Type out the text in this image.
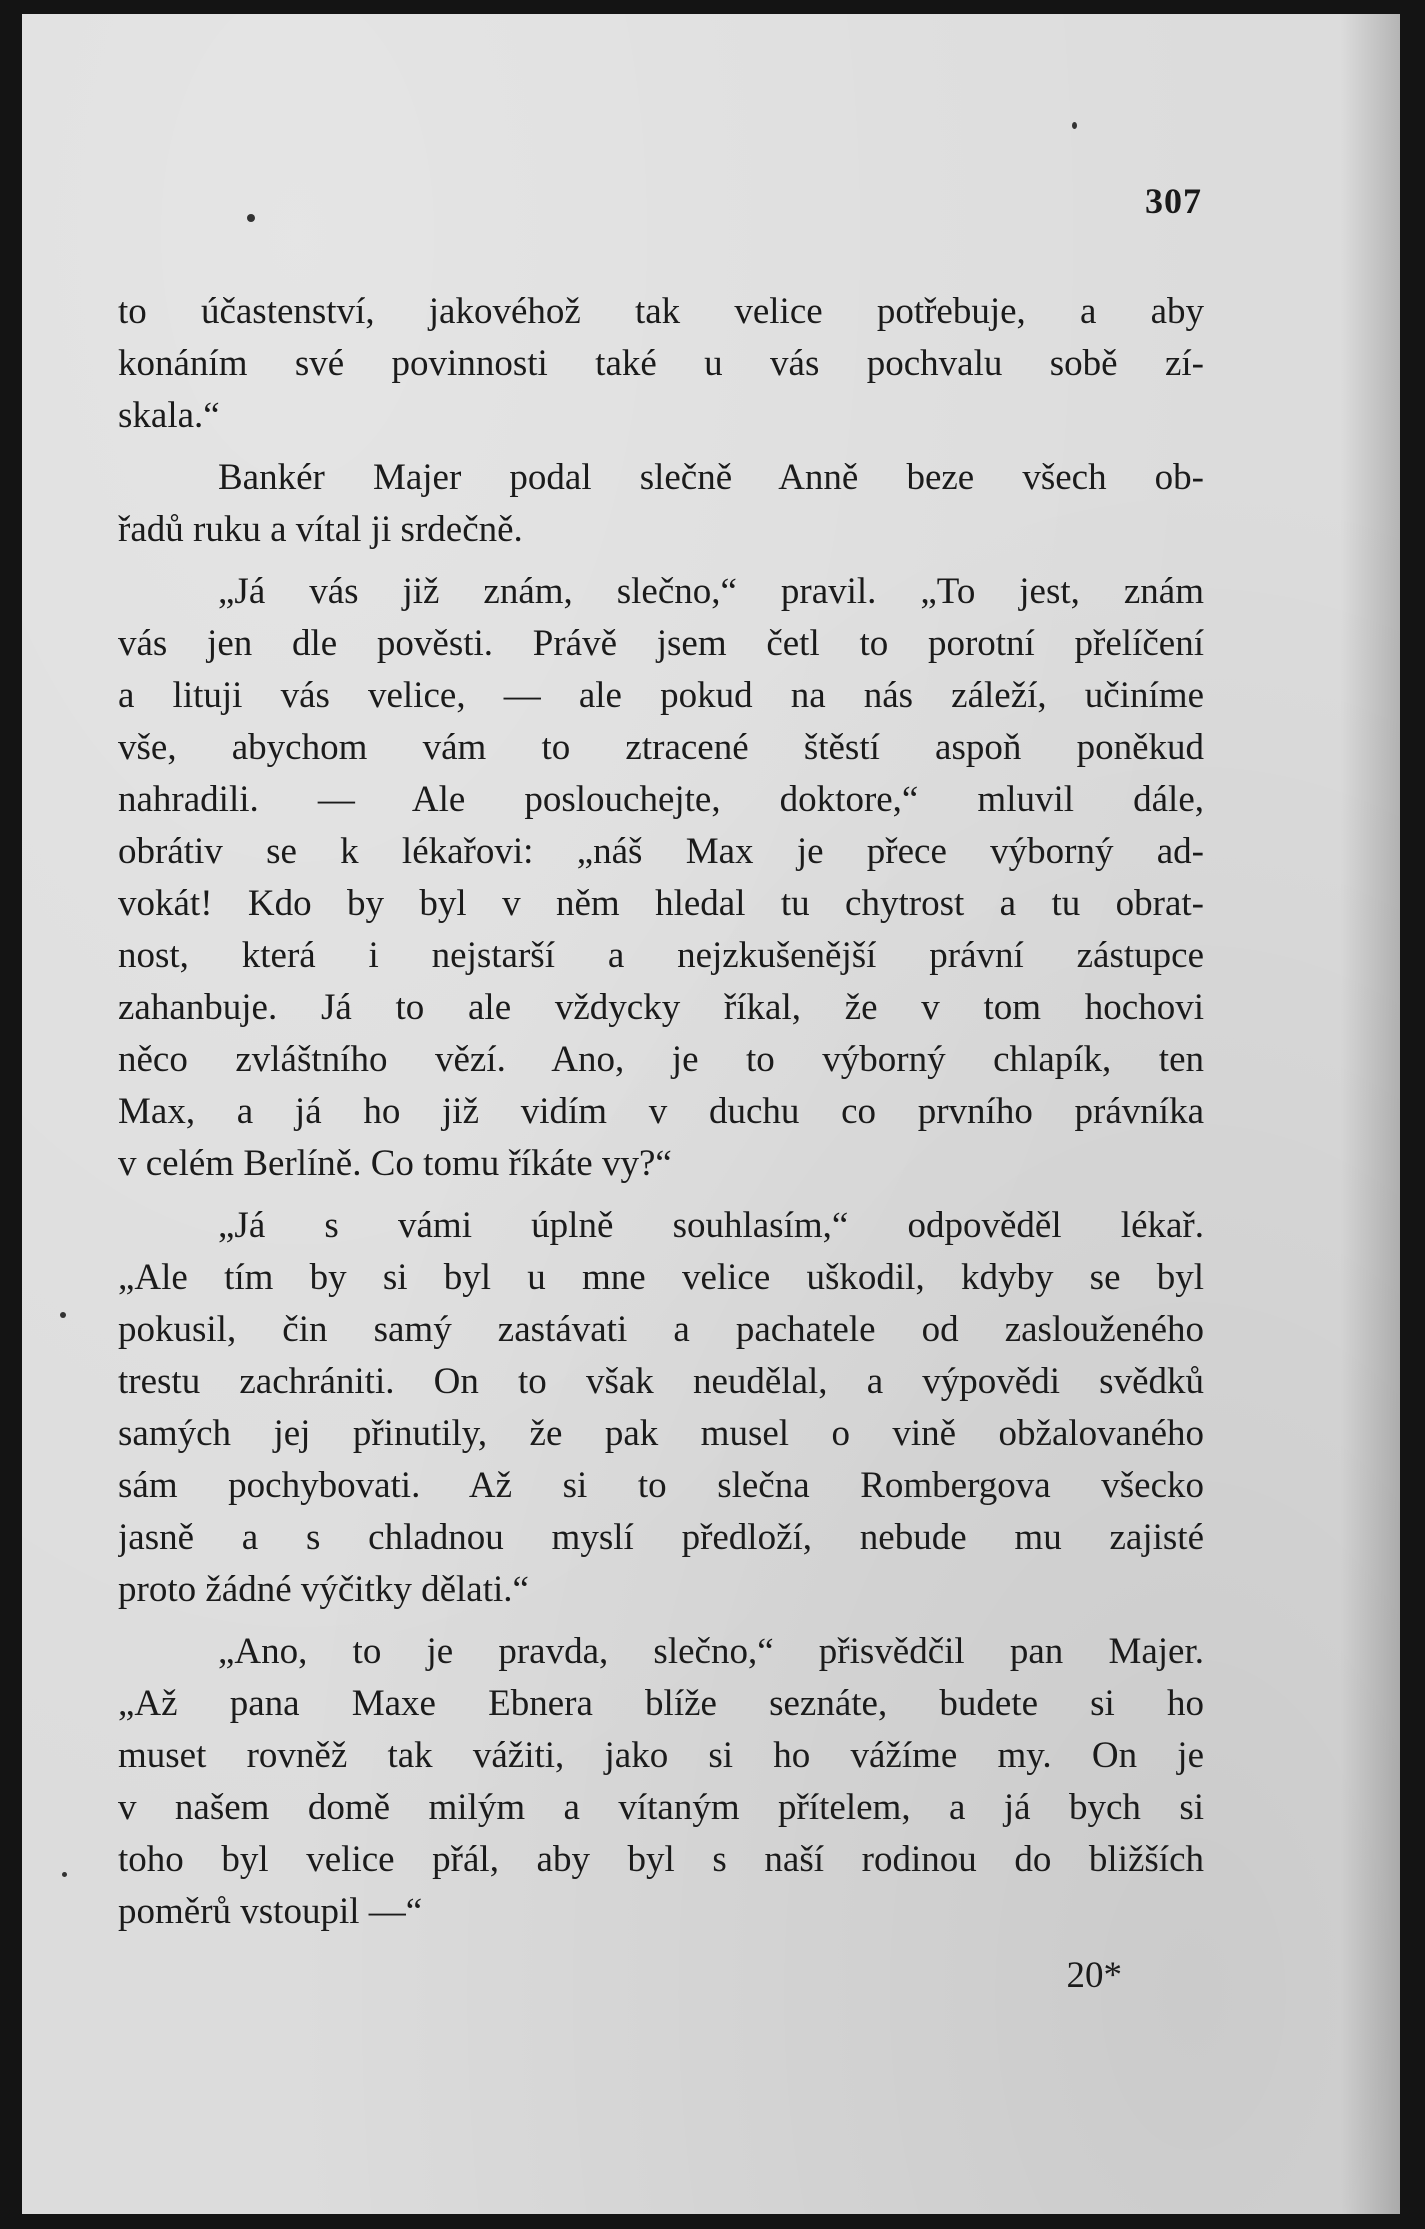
307

to účastenství, jakovéhož tak velice potřebuje, a aby
konáním své povinnosti také u vás pochvalu sobě zí-
skala.“

Bankér Majer podal slečně Anně beze všech ob-
řadů ruku a vítal ji srdečně.

„Já vás již znám, slečno,“ pravil. „To jest, znám
vás jen dle pověsti. Právě jsem četl to porotní přelíčení
a lituji vás velice, — ale pokud na nás záleží, učiníme
vše, abychom vám to ztracené štěstí aspoň poněkud
nahradili. — Ale poslouchejte, doktore,“ mluvil dále,
obrátiv se k lékařovi: „náš Max je přece výborný ad-
vokát! Kdo by byl v něm hledal tu chytrost a tu obrat-
nost, která i nejstarší a nejzkušenější právní zástupce
zahanbuje. Já to ale vždycky říkal, že v tom hochovi
něco zvláštního vězí. Ano, je to výborný chlapík, ten
Max, a já ho již vidím v duchu co prvního právníka
v celém Berlíně. Co tomu říkáte vy?“

„Já s vámi úplně souhlasím,“ odpověděl lékař.
„Ale tím by si byl u mne velice uškodil, kdyby se byl
pokusil, čin samý zastávati a pachatele od zaslouženého
trestu zachrániti. On to však neudělal, a výpovědi svědků
samých jej přinutily, že pak musel o vině obžalovaného
sám pochybovati. Až si to slečna Rombergova všecko
jasně a s chladnou myslí předloží, nebude mu zajisté
proto žádné výčitky dělati.“

„Ano, to je pravda, slečno,“ přisvědčil pan Majer.
„Až pana Maxe Ebnera blíže seznáte, budete si ho
muset rovněž tak vážiti, jako si ho vážíme my. On je
v našem domě milým a vítaným přítelem, a já bych si
toho byl velice přál, aby byl s naší rodinou do bližších
poměrů vstoupil —“

20*
